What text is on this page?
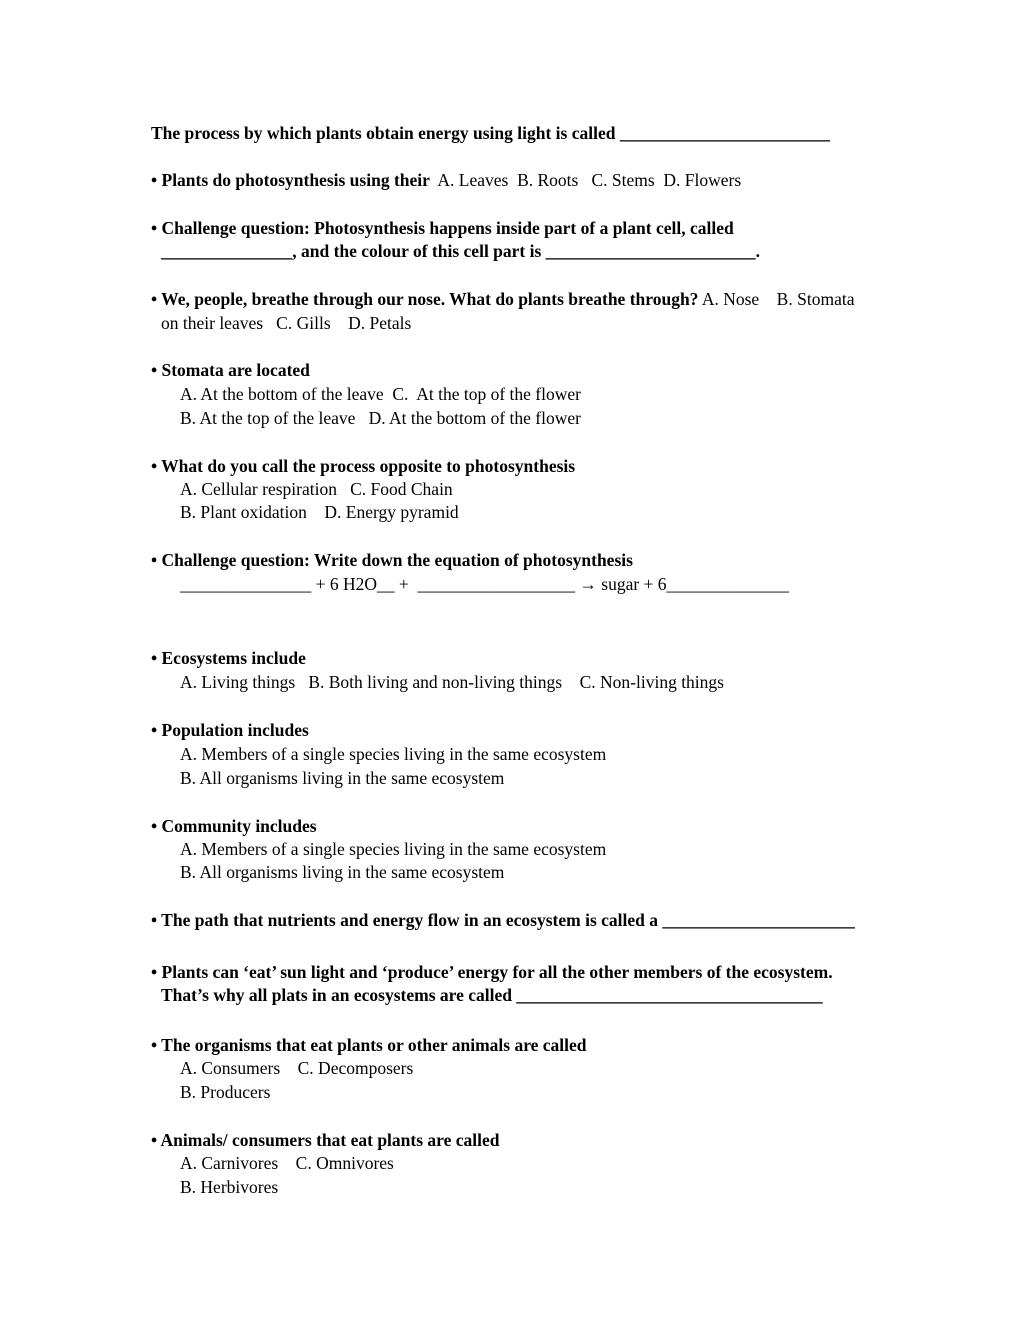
The process by which plants obtain energy using light is called ________________________
• Plants do photosynthesis using their  A. Leaves  B. Roots   C. Stems  D. Flowers
• Challenge question: Photosynthesis happens inside part of a plant cell, called
_______________, and the colour of this cell part is ________________________.
• We, people, breathe through our nose. What do plants breathe through? A. Nose    B. Stomata
on their leaves   C. Gills    D. Petals
• Stomata are located
A. At the bottom of the leave  C.  At the top of the flower
B. At the top of the leave   D. At the bottom of the flower
• What do you call the process opposite to photosynthesis
A. Cellular respiration   C. Food Chain
B. Plant oxidation    D. Energy pyramid
• Challenge question: Write down the equation of photosynthesis
_______________ + 6 H2O__ +  __________________ → sugar + 6______________
• Ecosystems include
A. Living things   B. Both living and non-living things    C. Non-living things
• Population includes
A. Members of a single species living in the same ecosystem
B. All organisms living in the same ecosystem
• Community includes
A. Members of a single species living in the same ecosystem
B. All organisms living in the same ecosystem
• The path that nutrients and energy flow in an ecosystem is called a ______________________
• Plants can ‘eat’ sun light and ‘produce’ energy for all the other members of the ecosystem.
That’s why all plats in an ecosystems are called ___________________________________
• The organisms that eat plants or other animals are called
A. Consumers    C. Decomposers
B. Producers
• Animals/ consumers that eat plants are called
A. Carnivores    C. Omnivores
B. Herbivores
